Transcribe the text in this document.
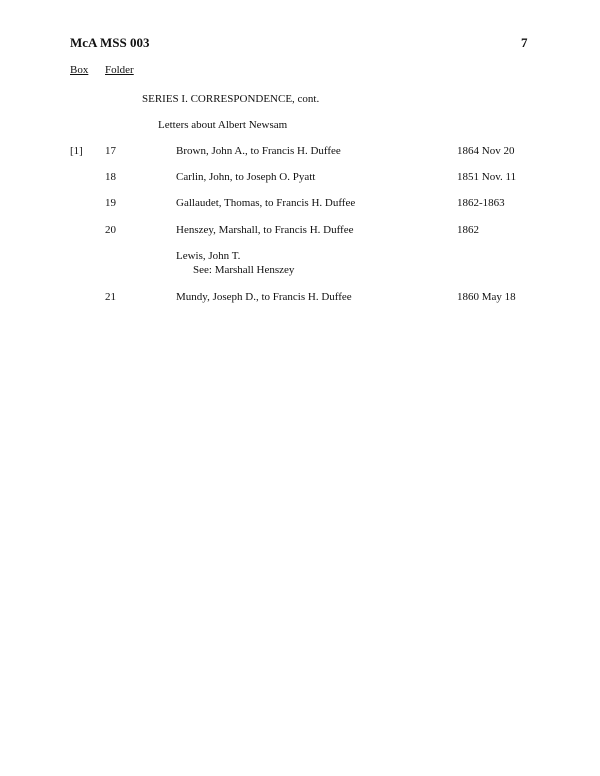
McA MSS 003	7
Box Folder
SERIES I. CORRESPONDENCE, cont.
Letters about Albert Newsam
[1] 17	Brown, John A., to Francis H. Duffee	1864 Nov 20
18	Carlin, John, to Joseph O. Pyatt	1851 Nov. 11
19	Gallaudet, Thomas, to Francis H. Duffee	1862-1863
20	Henszey, Marshall, to Francis H. Duffee	1862
Lewis, John T.
See: Marshall Henszey
21	Mundy, Joseph D., to Francis H. Duffee	1860 May 18
